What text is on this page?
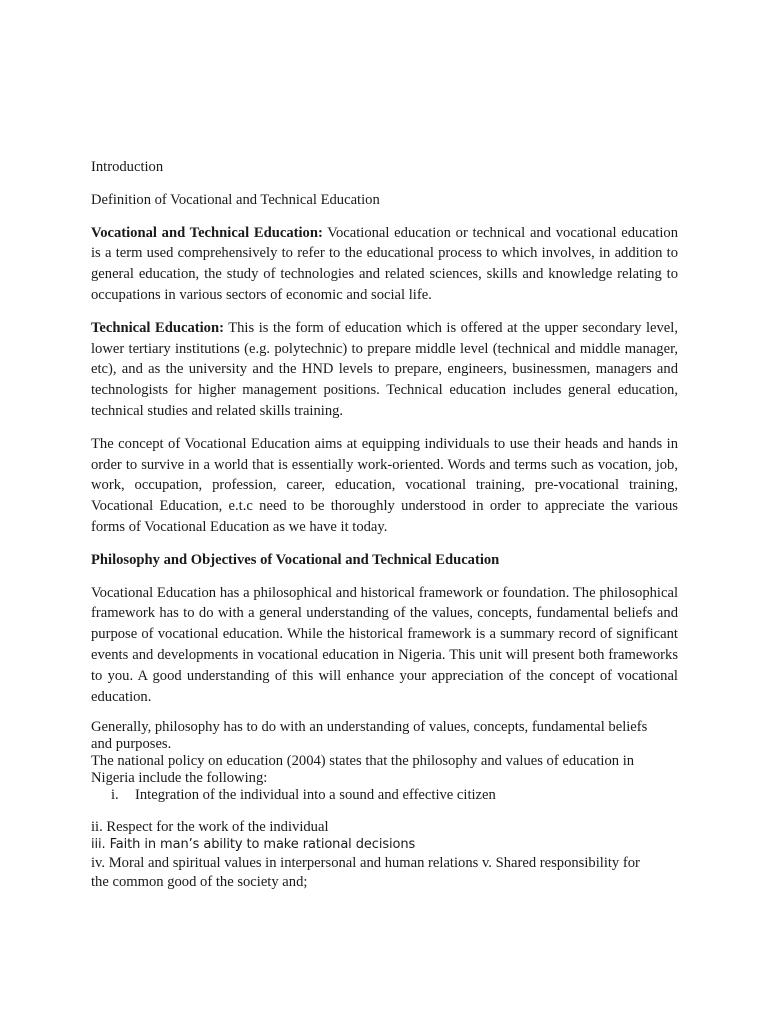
Introduction

Definition of Vocational and Technical Education

Vocational and Technical Education: Vocational education or technical and vocational education is a term used comprehensively to refer to the educational process to which involves, in addition to general education, the study of technologies and related sciences, skills and knowledge relating to occupations in various sectors of economic and social life.

Technical Education: This is the form of education which is offered at the upper secondary level, lower tertiary institutions (e.g. polytechnic) to prepare middle level (technical and middle manager, etc), and as the university and the HND levels to prepare, engineers, businessmen, managers and technologists for higher management positions. Technical education includes general education, technical studies and related skills training.

The concept of Vocational Education aims at equipping individuals to use their heads and hands in order to survive in a world that is essentially work-oriented. Words and terms such as vocation, job, work, occupation, profession, career, education, vocational training, pre-vocational training, Vocational Education, e.t.c need to be thoroughly understood in order to appreciate the various forms of Vocational Education as we have it today.

Philosophy and Objectives of Vocational and Technical Education

Vocational Education has a philosophical and historical framework or foundation. The philosophical framework has to do with a general understanding of the values, concepts, fundamental beliefs and purpose of vocational education. While the historical framework is a summary record of significant events and developments in vocational education in Nigeria. This unit will present both frameworks to you. A good understanding of this will enhance your appreciation of the concept of vocational education.

Generally, philosophy has to do with an understanding of values, concepts, fundamental beliefs

and purposes.

The national policy on education (2004) states that the philosophy and values of education in

Nigeria include the following:

i. Integration of the individual into a sound and effective citizen

ii. Respect for the work of the individual

iii. Faith in man’s ability to make rational decisions

iv. Moral and spiritual values in interpersonal and human relations v. Shared responsibility for

the common good of the society and;
